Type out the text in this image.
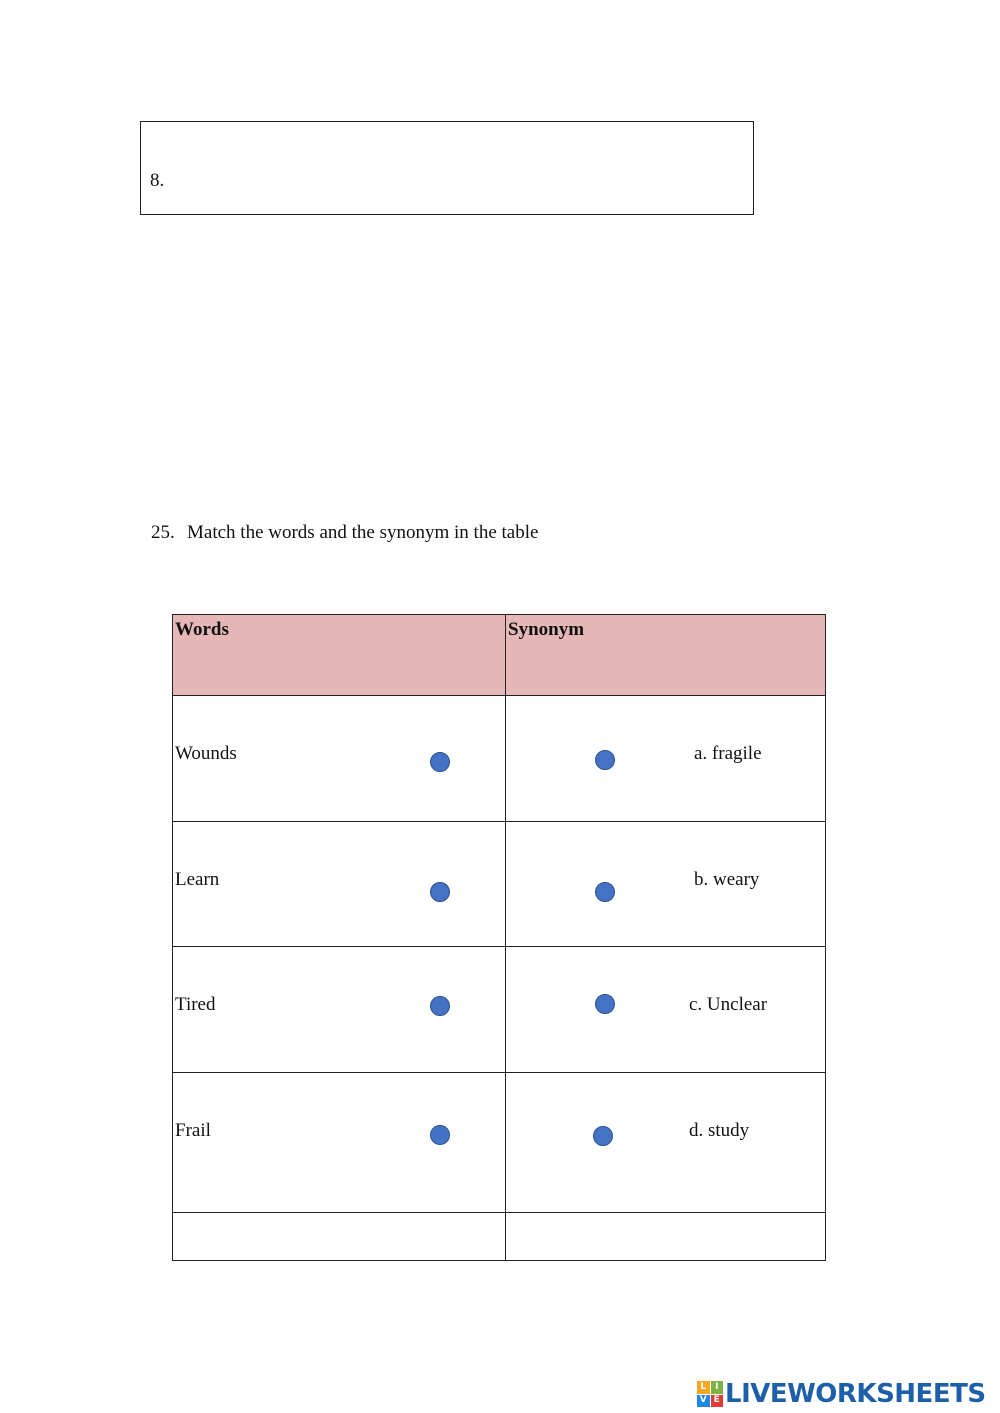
8.
25. Match the words and the synonym in the table
Words	Synonym
Wounds	a. fragile
Learn	b. weary
Tired	c. Unclear
Frail	d. study
L I
V E LIVEWORKSHEETS
